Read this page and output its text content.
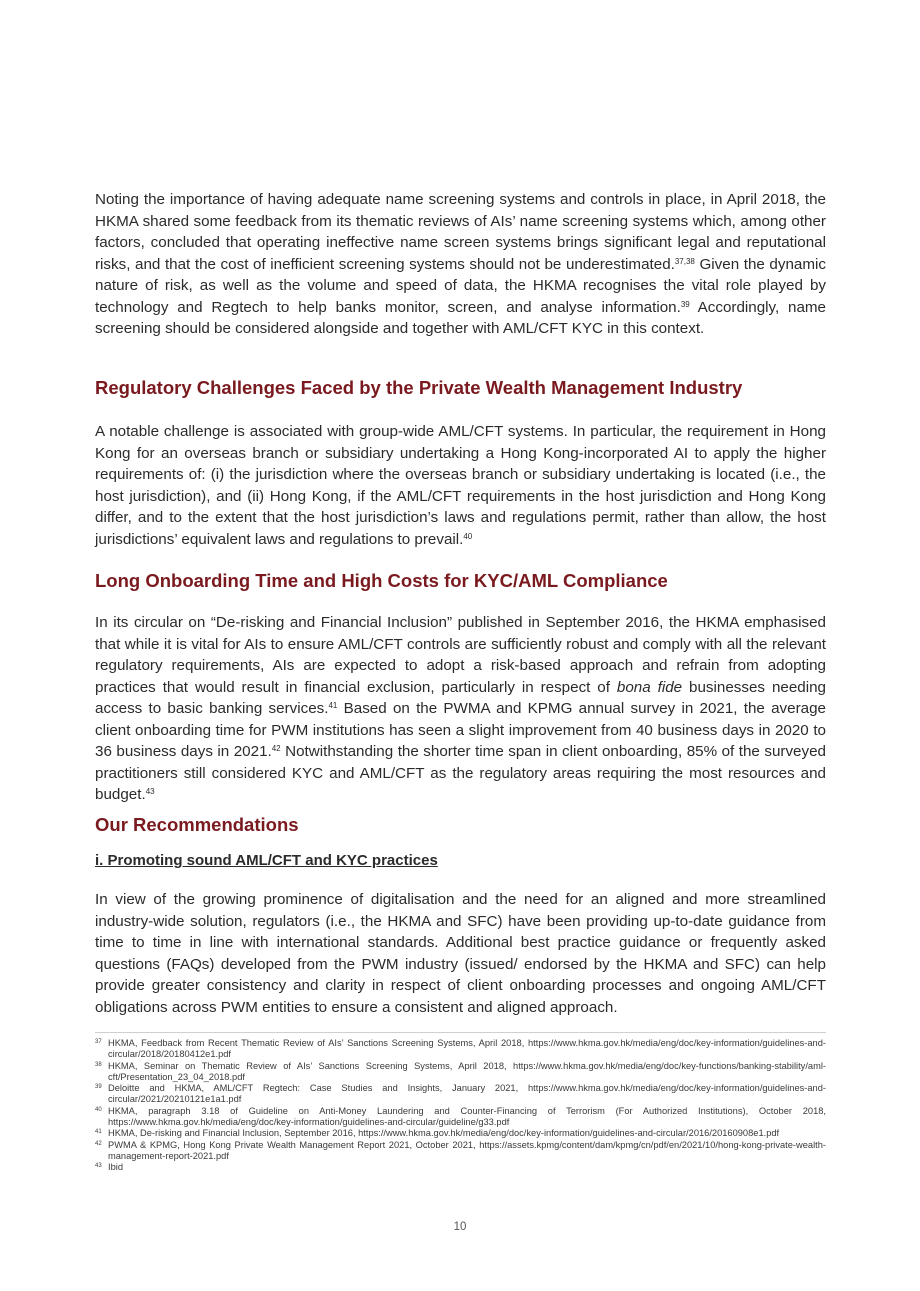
Noting the importance of having adequate name screening systems and controls in place, in April 2018, the HKMA shared some feedback from its thematic reviews of AIs’ name screening systems which, among other factors, concluded that operating ineffective name screen systems brings significant legal and reputational risks, and that the cost of inefficient screening systems should not be underestimated.$^{37,38}$ Given the dynamic nature of risk, as well as the volume and speed of data, the HKMA recognises the vital role played by technology and Regtech to help banks monitor, screen, and analyse information.$^{39}$ Accordingly, name screening should be considered alongside and together with AML/CFT KYC in this context.

Regulatory Challenges Faced by the Private Wealth Management Industry

A notable challenge is associated with group-wide AML/CFT systems. In particular, the requirement in Hong Kong for an overseas branch or subsidiary undertaking a Hong Kong-incorporated AI to apply the higher requirements of: (i) the jurisdiction where the overseas branch or subsidiary undertaking is located (i.e., the host jurisdiction), and (ii) Hong Kong, if the AML/CFT requirements in the host jurisdiction and Hong Kong differ, and to the extent that the host jurisdiction’s laws and regulations permit, rather than allow, the host jurisdictions’ equivalent laws and regulations to prevail.$^{40}$

Long Onboarding Time and High Costs for KYC/AML Compliance

In its circular on “De-risking and Financial Inclusion” published in September 2016, the HKMA emphasised that while it is vital for AIs to ensure AML/CFT controls are sufficiently robust and comply with all the relevant regulatory requirements, AIs are expected to adopt a risk-based approach and refrain from adopting practices that would result in financial exclusion, particularly in respect of bona fide businesses needing access to basic banking services.$^{41}$ Based on the PWMA and KPMG annual survey in 2021, the average client onboarding time for PWM institutions has seen a slight improvement from 40 business days in 2020 to 36 business days in 2021.42 Notwithstanding the shorter time span in client onboarding, 85% of the surveyed practitioners still considered KYC and AML/CFT as the regulatory areas requiring the most resources and budget.$^{43}$

Our Recommendations
i. Promoting sound AML/CFT and KYC practices

In view of the growing prominence of digitalisation and the need for an aligned and more streamlined industry-wide solution, regulators (i.e., the HKMA and SFC) have been providing up-to-date guidance from time to time in line with international standards. Additional best practice guidance or frequently asked questions (FAQs) developed from the PWM industry (issued/ endorsed by the HKMA and SFC) can help provide greater consistency and clarity in respect of client onboarding processes and ongoing AML/CFT obligations across PWM entities to ensure a consistent and aligned approach.

37 HKMA, Feedback from Recent Thematic Review of AIs’ Sanctions Screening Systems, April 2018, https://www.hkma.gov.hk/media/eng/doc/key-information/guidelines-and-circular/2018/20180412e1.pdf
38 HKMA, Seminar on Thematic Review of AIs’ Sanctions Screening Systems, April 2018, https://www.hkma.gov.hk/media/eng/doc/key-functions/banking-stability/aml-cft/Presentation_23_04_2018.pdf
39 Deloitte and HKMA, AML/CFT Regtech: Case Studies and Insights, January 2021, https://www.hkma.gov.hk/media/eng/doc/key-information/guidelines-and-circular/2021/20210121e1a1.pdf
40 HKMA, paragraph 3.18 of Guideline on Anti-Money Laundering and Counter-Financing of Terrorism (For Authorized Institutions), October 2018, https://www.hkma.gov.hk/media/eng/doc/key-information/guidelines-and-circular/guideline/g33.pdf
41 HKMA, De-risking and Financial Inclusion, September 2016, https://www.hkma.gov.hk/media/eng/doc/key-information/guidelines-and-circular/2016/20160908e1.pdf
42 PWMA & KPMG, Hong Kong Private Wealth Management Report 2021, October 2021, https://assets.kpmg/content/dam/kpmg/cn/pdf/en/2021/10/hong-kong-private-wealth-management-report-2021.pdf
43 Ibid
10
